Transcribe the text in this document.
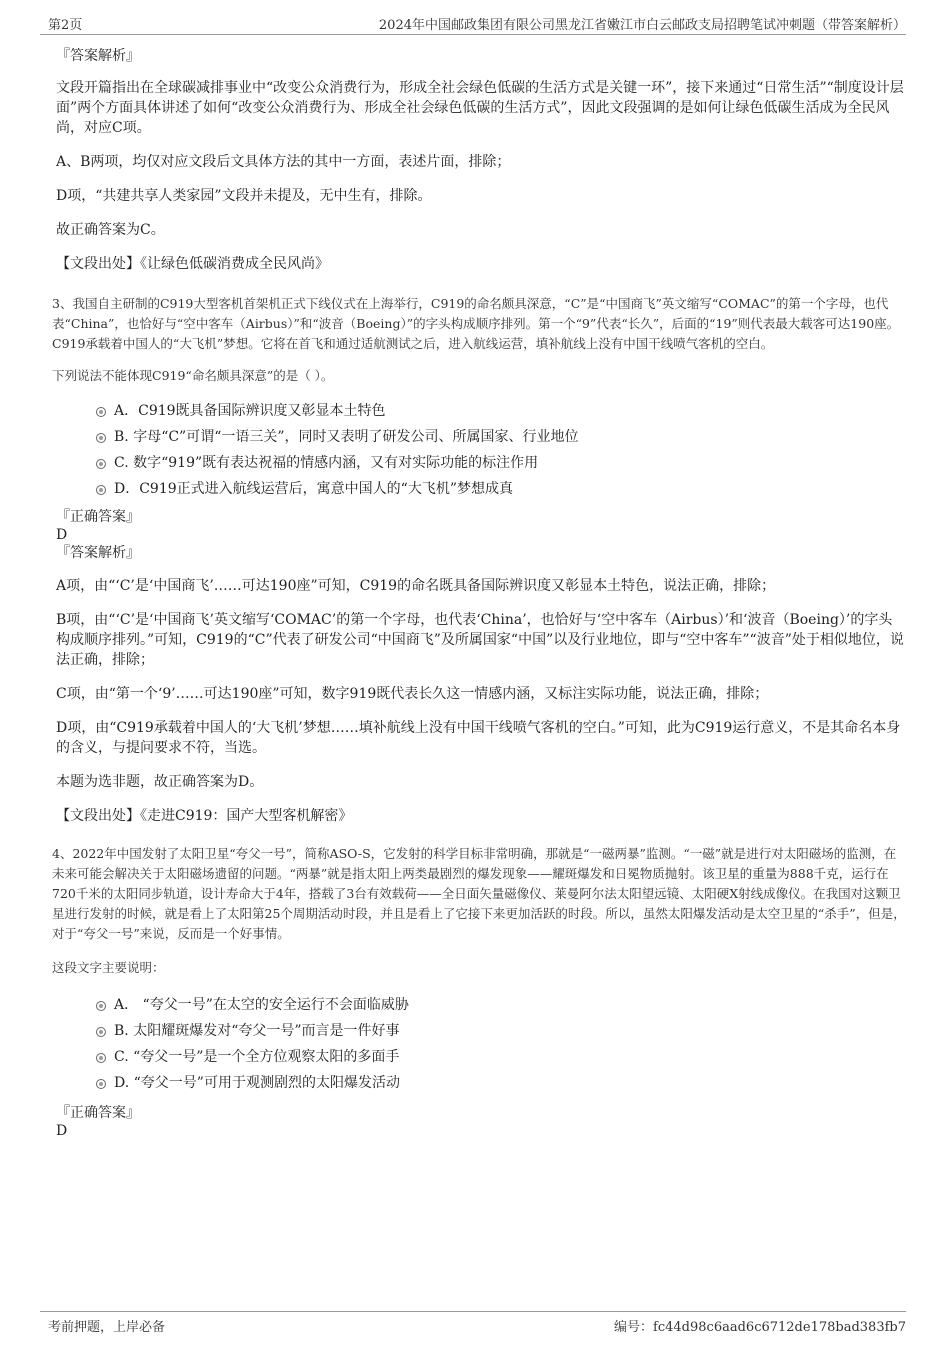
第2页	2024年中国邮政集团有限公司黑龙江省嫩江市白云邮政支局招聘笔试冲刺题（带答案解析）

『答案解析』

文段开篇指出在全球碳减排事业中“改变公众消费行为，形成全社会绿色低碳的生活方式是关键一环”，接下来通过“日常生活”“制度设计层面”两个方面具体讲述了如何“改变公众消费行为、形成全社会绿色低碳的生活方式”，因此文段强调的是如何让绿色低碳生活成为全民风尚，对应C项。

A、B两项，均仅对应文段后文具体方法的其中一方面，表述片面，排除；

D项，“共建共享人类家园”文段并未提及，无中生有，排除。

故正确答案为C。

【文段出处】《让绿色低碳消费成全民风尚》

3、我国自主研制的C919大型客机首架机正式下线仪式在上海举行，C919的命名颇具深意，“C”是“中国商飞”英文缩写“COMAC”的第一个字母，也代表“China”，也恰好与“空中客车（Airbus）”和“波音（Boeing）”的字头构成顺序排列。第一个“9”代表“长久”，后面的“19”则代表最大载客可达190座。C919承载着中国人的“大飞机”梦想。它将在首飞和通过适航测试之后，进入航线运营，填补航线上没有中国干线喷气客机的空白。

下列说法不能体现C919“命名颇具深意”的是（ ）。

A．C919既具备国际辨识度又彰显本土特色
B. 字母“C”可谓“一语三关”，同时又表明了研发公司、所属国家、行业地位
C. 数字“919”既有表达祝福的情感内涵，又有对实际功能的标注作用
D．C919正式进入航线运营后，寓意中国人的“大飞机”梦想成真

『正确答案』

D

『答案解析』

A项，由“‘C’是‘中国商飞’……可达190座”可知，C919的命名既具备国际辨识度又彰显本土特色，说法正确，排除；

B项，由“‘C’是‘中国商飞’英文缩写‘COMAC’的第一个字母，也代表‘China’，也恰好与‘空中客车（Airbus）’和‘波音（Boeing）’的字头构成顺序排列。”可知，C919的“C”代表了研发公司“中国商飞”及所属国家“中国”以及行业地位，即与“空中客车”“波音”处于相似地位，说法正确，排除；

C项，由“第一个‘9’……可达190座”可知，数字919既代表长久这一情感内涵，又标注实际功能，说法正确，排除；

D项，由“C919承载着中国人的‘大飞机’梦想……填补航线上没有中国干线喷气客机的空白。”可知，此为C919运行意义，不是其命名本身的含义，与提问要求不符，当选。

本题为选非题，故正确答案为D。

【文段出处】《走进C919：国产大型客机解密》

4、2022年中国发射了太阳卫星“夸父一号”，简称ASO-S，它发射的科学目标非常明确，那就是“一磁两暴”监测。“一磁”就是进行对太阳磁场的监测，在未来可能会解决关于太阳磁场遗留的问题。“两暴”就是指太阳上两类最剧烈的爆发现象——耀斑爆发和日冕物质抛射。该卫星的重量为888千克，运行在720千米的太阳同步轨道，设计寿命大于4年，搭载了3台有效载荷——全日面矢量磁像仪、莱曼阿尔法太阳望远镜、太阳硬X射线成像仪。在我国对这颗卫星进行发射的时候，就是看上了太阳第25个周期活动时段，并且是看上了它接下来更加活跃的时段。所以，虽然太阳爆发活动是太空卫星的“杀手”，但是，对于“夸父一号”来说，反而是一个好事情。

这段文字主要说明：

A． “夸父一号”在太空的安全运行不会面临威胁
B. 太阳耀斑爆发对“夸父一号”而言是一件好事
C. “夸父一号”是一个全方位观察太阳的多面手
D. “夸父一号”可用于观测剧烈的太阳爆发活动

『正确答案』

D

考前押题，上岸必备	编号：fc44d98c6aad6c6712de178bad383fb7
